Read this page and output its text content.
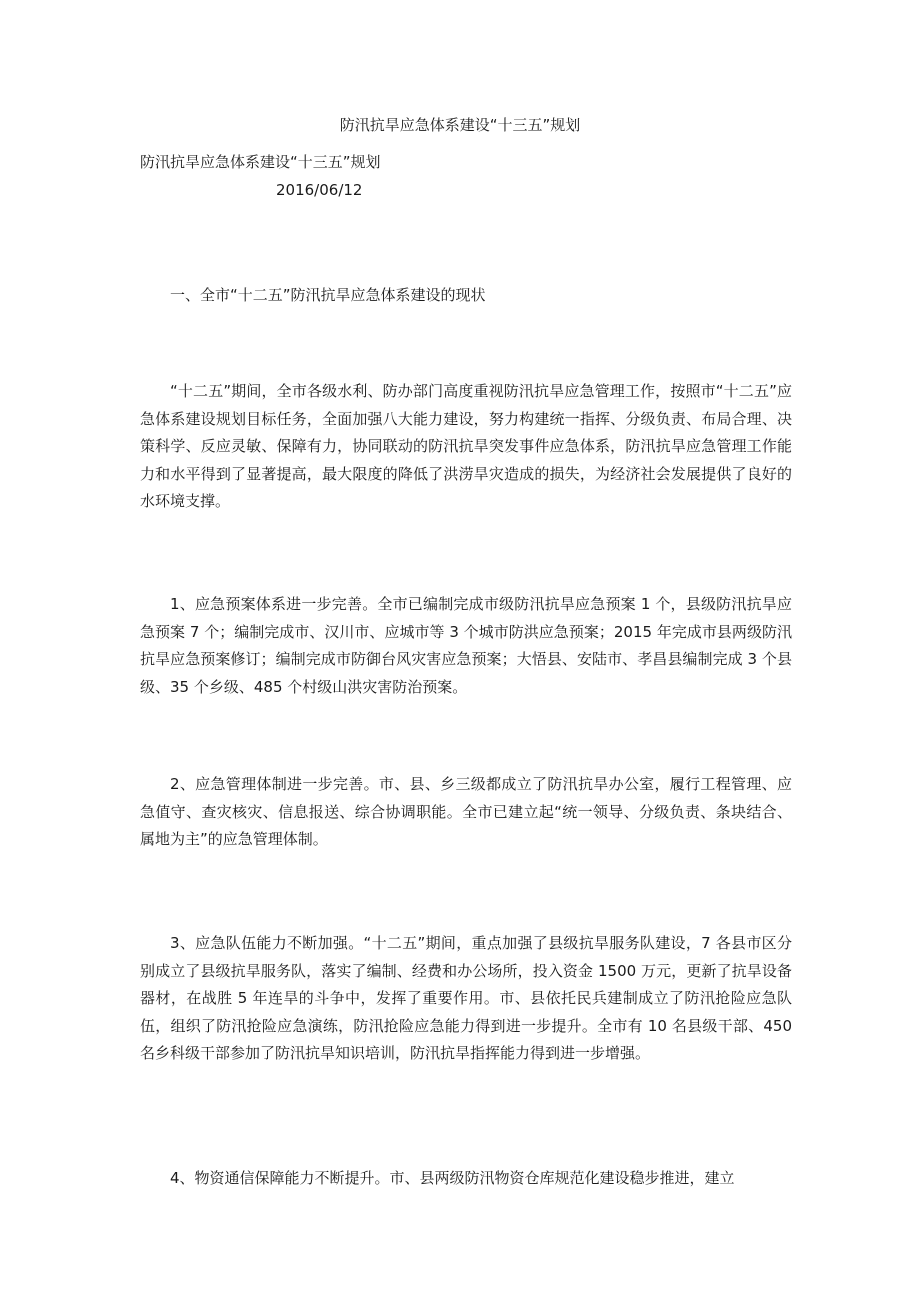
防汛抗旱应急体系建设“十三五”规划
防汛抗旱应急体系建设“十三五”规划
2016/06/12

一、全市“十二五”防汛抗旱应急体系建设的现状

“十二五”期间，全市各级水利、防办部门高度重视防汛抗旱应急管理工作，按照市“十二五”应急体系建设规划目标任务，全面加强八大能力建设，努力构建统一指挥、分级负责、布局合理、决策科学、反应灵敏、保障有力，协同联动的防汛抗旱突发事件应急体系，防汛抗旱应急管理工作能力和水平得到了显著提高，最大限度的降低了洪涝旱灾造成的损失，为经济社会发展提供了良好的水环境支撑。

1、应急预案体系进一步完善。全市已编制完成市级防汛抗旱应急预案 1 个，县级防汛抗旱应急预案 7 个；编制完成市、汉川市、应城市等 3 个城市防洪应急预案；2015 年完成市县两级防汛抗旱应急预案修订；编制完成市防御台风灾害应急预案；大悟县、安陆市、孝昌县编制完成 3 个县级、35 个乡级、485 个村级山洪灾害防治预案。

2、应急管理体制进一步完善。市、县、乡三级都成立了防汛抗旱办公室，履行工程管理、应急值守、查灾核灾、信息报送、综合协调职能。全市已建立起“统一领导、分级负责、条块结合、属地为主”的应急管理体制。

3、应急队伍能力不断加强。“十二五”期间，重点加强了县级抗旱服务队建设，7 各县市区分别成立了县级抗旱服务队，落实了编制、经费和办公场所，投入资金 1500 万元，更新了抗旱设备器材，在战胜 5 年连旱的斗争中，发挥了重要作用。市、县依托民兵建制成立了防汛抢险应急队伍，组织了防汛抢险应急演练，防汛抢险应急能力得到进一步提升。全市有 10 名县级干部、450 名乡科级干部参加了防汛抗旱知识培训，防汛抗旱指挥能力得到进一步增强。

4、物资通信保障能力不断提升。市、县两级防汛物资仓库规范化建设稳步推进，建立
